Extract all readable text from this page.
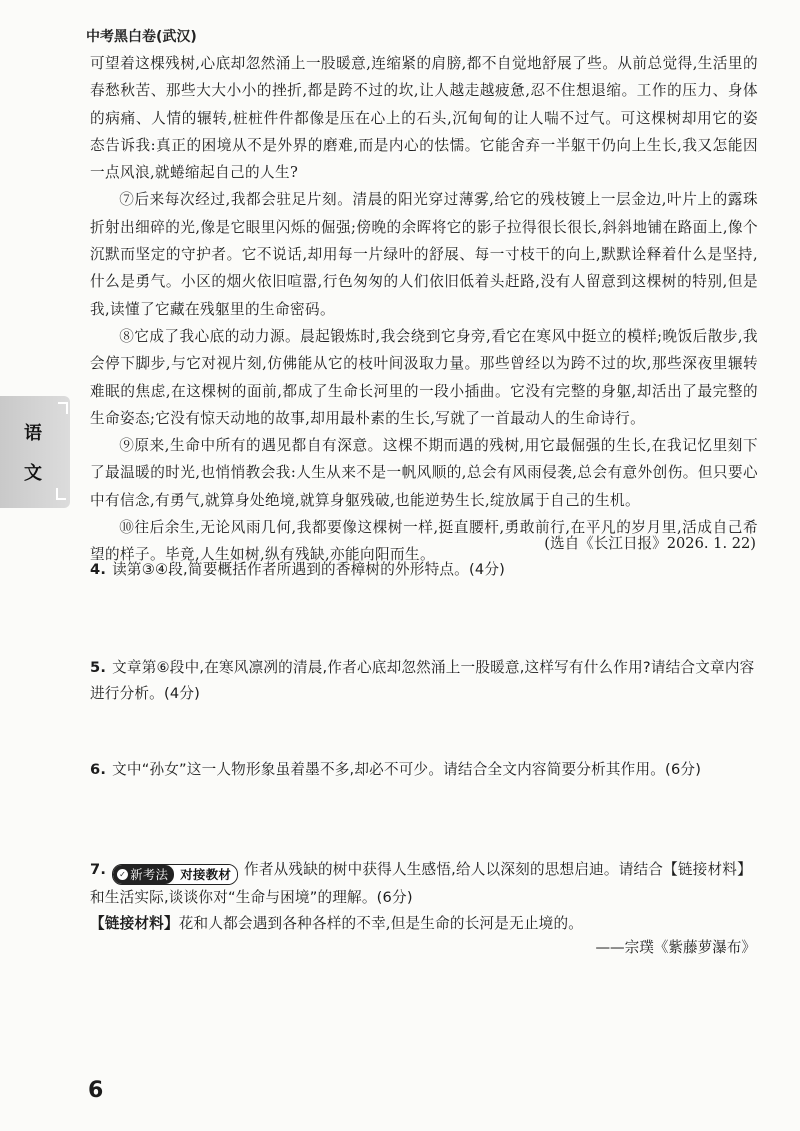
中考黑白卷(武汉)
语文

可望着这棵残树,心底却忽然涌上一股暖意,连缩紧的肩膀,都不自觉地舒展了些。从前总觉得,生活里的春愁秋苦、那些大大小小的挫折,都是跨不过的坎,让人越走越疲惫,忍不住想退缩。工作的压力、身体的病痛、人情的辗转,桩桩件件都像是压在心上的石头,沉甸甸的让人喘不过气。可这棵树却用它的姿态告诉我:真正的困境从不是外界的磨难,而是内心的怯懦。它能舍弃一半躯干仍向上生长,我又怎能因一点风浪,就蜷缩起自己的人生?

⑦后来每次经过,我都会驻足片刻。清晨的阳光穿过薄雾,给它的残枝镀上一层金边,叶片上的露珠折射出细碎的光,像是它眼里闪烁的倔强;傍晚的余晖将它的影子拉得很长很长,斜斜地铺在路面上,像个沉默而坚定的守护者。它不说话,却用每一片绿叶的舒展、每一寸枝干的向上,默默诠释着什么是坚持,什么是勇气。小区的烟火依旧喧嚣,行色匆匆的人们依旧低着头赶路,没有人留意到这棵树的特别,但是我,读懂了它藏在残躯里的生命密码。

⑧它成了我心底的动力源。晨起锻炼时,我会绕到它身旁,看它在寒风中挺立的模样;晚饭后散步,我会停下脚步,与它对视片刻,仿佛能从它的枝叶间汲取力量。那些曾经以为跨不过的坎,那些深夜里辗转难眠的焦虑,在这棵树的面前,都成了生命长河里的一段小插曲。它没有完整的身躯,却活出了最完整的生命姿态;它没有惊天动地的故事,却用最朴素的生长,写就了一首最动人的生命诗行。

⑨原来,生命中所有的遇见都自有深意。这棵不期而遇的残树,用它最倔强的生长,在我记忆里刻下了最温暖的时光,也悄悄教会我:人生从来不是一帆风顺的,总会有风雨侵袭,总会有意外创伤。但只要心中有信念,有勇气,就算身处绝境,就算身躯残破,也能逆势生长,绽放属于自己的生机。

⑩往后余生,无论风雨几何,我都要像这棵树一样,挺直腰杆,勇敢前行,在平凡的岁月里,活成自己希望的样子。毕竟,人生如树,纵有残缺,亦能向阳而生。

(选自《长江日报》2026. 1. 22)
4. 读第③④段,简要概括作者所遇到的香樟树的外形特点。(4分)
5. 文章第⑥段中,在寒风凛冽的清晨,作者心底却忽然涌上一股暖意,这样写有什么作用?请结合文章内容进行分析。(4分)
6. 文中“孙女”这一人物形象虽着墨不多,却必不可少。请结合全文内容简要分析其作用。(6分)
7. ✓ 新考法 对接教材 作者从残缺的树中获得人生感悟,给人以深刻的思想启迪。请结合【链接材料】和生活实际,谈谈你对“生命与困境”的理解。(6分)
【链接材料】花和人都会遇到各种各样的不幸,但是生命的长河是无止境的。
——宗璞《紫藤萝瀑布》
6
